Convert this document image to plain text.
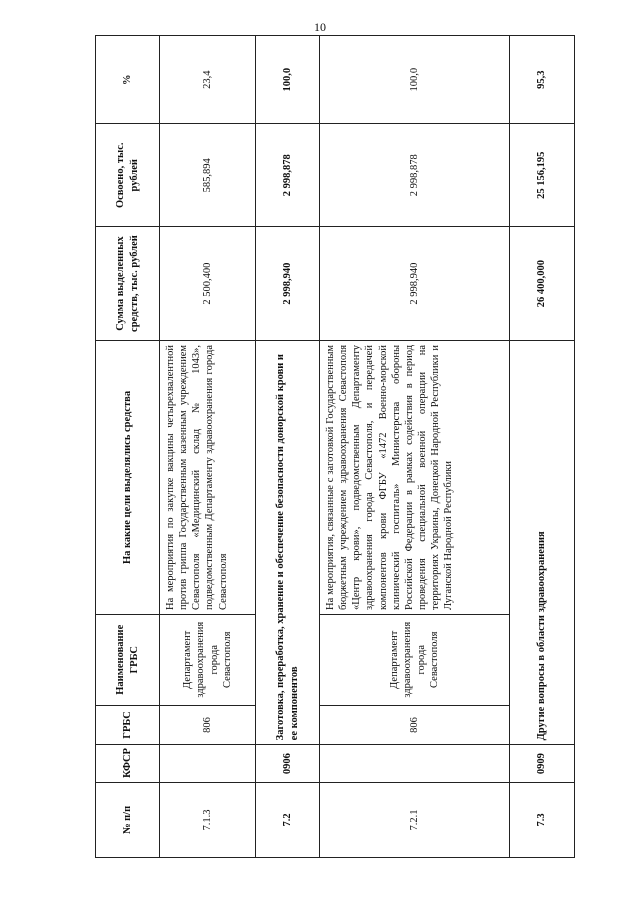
10
№ п/п	КФСР	ГРБС	Наименование ГРБС	На какие цели выделялись средства	Сумма выделенных средств, тыс. рублей	Освоено, тыс. рублей	%
7.1.3		806	Департамент здравоохранения города Севастополя	На мероприятия по закупке вакцины четырехвалентной против гриппа Государственным казенным учреждением Севастополя «Медицинский склад № 1043», подведомственным Департаменту здравоохранения города Севастополя	2 500,400	585,894	23,4
7.2	0906	Заготовка, переработка, хранение и обеспечение безопасности донорской крови и ее компонентов			2 998,940	2 998,878	100,0
7.2.1		806	Департамент здравоохранения города Севастополя	На мероприятия, связанные с заготовкой Государственным бюджетным учреждением здравоохранения Севастополя «Центр крови», подведомственным Департаменту здравоохранения города Севастополя, и передачей компонентов крови ФГБУ «1472 Военно-морской клинический госпиталь» Министерства обороны Российской Федерации в рамках содействия в период проведения специальной военной операции на территориях Украины, Донецкой Народной Республики и Луганской Народной Республики	2 998,940	2 998,878	100,0
7.3	0909	Другие вопросы в области здравоохранения			26 400,000	25 156,195	95,3
